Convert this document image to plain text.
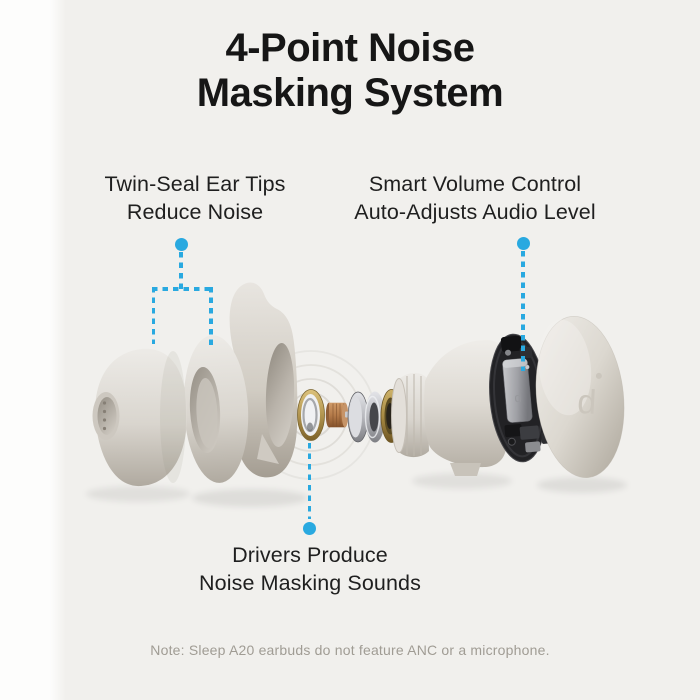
4-Point Noise
Masking System
Twin-Seal Ear Tips
Reduce Noise
Smart Volume Control
Auto-Adjusts Audio Level
Drivers Produce
Noise Masking Sounds
d d
Note: Sleep A20 earbuds do not feature ANC or a microphone.
